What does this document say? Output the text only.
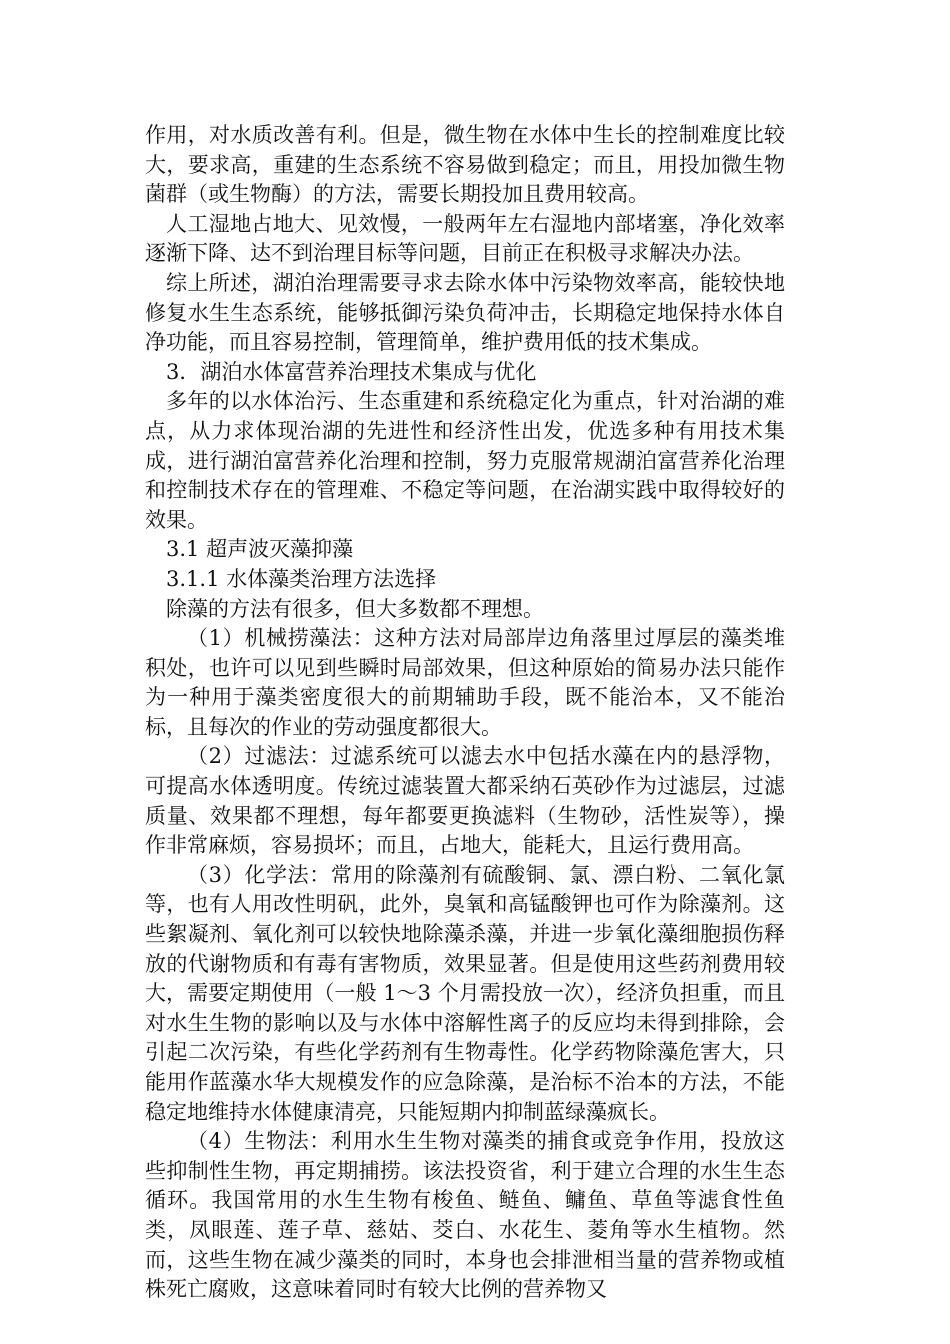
作用，对水质改善有利。但是，微生物在水体中生长的控制难度比较大，要求高，重建的生态系统不容易做到稳定；而且，用投加微生物菌群（或生物酶）的方法，需要长期投加且费用较高。

人工湿地占地大、见效慢，一般两年左右湿地内部堵塞，净化效率逐渐下降、达不到治理目标等问题，目前正在积极寻求解决办法。

综上所述，湖泊治理需要寻求去除水体中污染物效率高，能较快地修复水生生态系统，能够抵御污染负荷冲击，长期稳定地保持水体自净功能，而且容易控制，管理简单，维护费用低的技术集成。

3．湖泊水体富营养治理技术集成与优化

多年的以水体治污、生态重建和系统稳定化为重点，针对治湖的难点，从力求体现治湖的先进性和经济性出发，优选多种有用技术集成，进行湖泊富营养化治理和控制，努力克服常规湖泊富营养化治理和控制技术存在的管理难、不稳定等问题，在治湖实践中取得较好的效果。

3.1 超声波灭藻抑藻

3.1.1 水体藻类治理方法选择

除藻的方法有很多，但大多数都不理想。

（1）机械捞藻法：这种方法对局部岸边角落里过厚层的藻类堆积处，也许可以见到些瞬时局部效果，但这种原始的简易办法只能作为一种用于藻类密度很大的前期辅助手段，既不能治本，又不能治标，且每次的作业的劳动强度都很大。

（2）过滤法：过滤系统可以滤去水中包括水藻在内的悬浮物，可提高水体透明度。传统过滤装置大都采纳石英砂作为过滤层，过滤质量、效果都不理想，每年都要更换滤料（生物砂，活性炭等），操作非常麻烦，容易损坏；而且，占地大，能耗大，且运行费用高。

（3）化学法：常用的除藻剂有硫酸铜、氯、漂白粉、二氧化氯等，也有人用改性明矾，此外，臭氧和高锰酸钾也可作为除藻剂。这些絮凝剂、氧化剂可以较快地除藻杀藻，并进一步氧化藻细胞损伤释放的代谢物质和有毒有害物质，效果显著。但是使用这些药剂费用较大，需要定期使用（一般 1～3 个月需投放一次），经济负担重，而且对水生生物的影响以及与水体中溶解性离子的反应均未得到排除，会引起二次污染，有些化学药剂有生物毒性。化学药物除藻危害大，只能用作蓝藻水华大规模发作的应急除藻，是治标不治本的方法，不能稳定地维持水体健康清亮，只能短期内抑制蓝绿藻疯长。

（4）生物法：利用水生生物对藻类的捕食或竞争作用，投放这些抑制性生物，再定期捕捞。该法投资省，利于建立合理的水生生态循环。我国常用的水生生物有梭鱼、鲢鱼、鳙鱼、草鱼等滤食性鱼类，凤眼莲、莲子草、慈姑、茭白、水花生、菱角等水生植物。然而，这些生物在减少藻类的同时，本身也会排泄相当量的营养物或植株死亡腐败，这意味着同时有较大比例的营养物又
